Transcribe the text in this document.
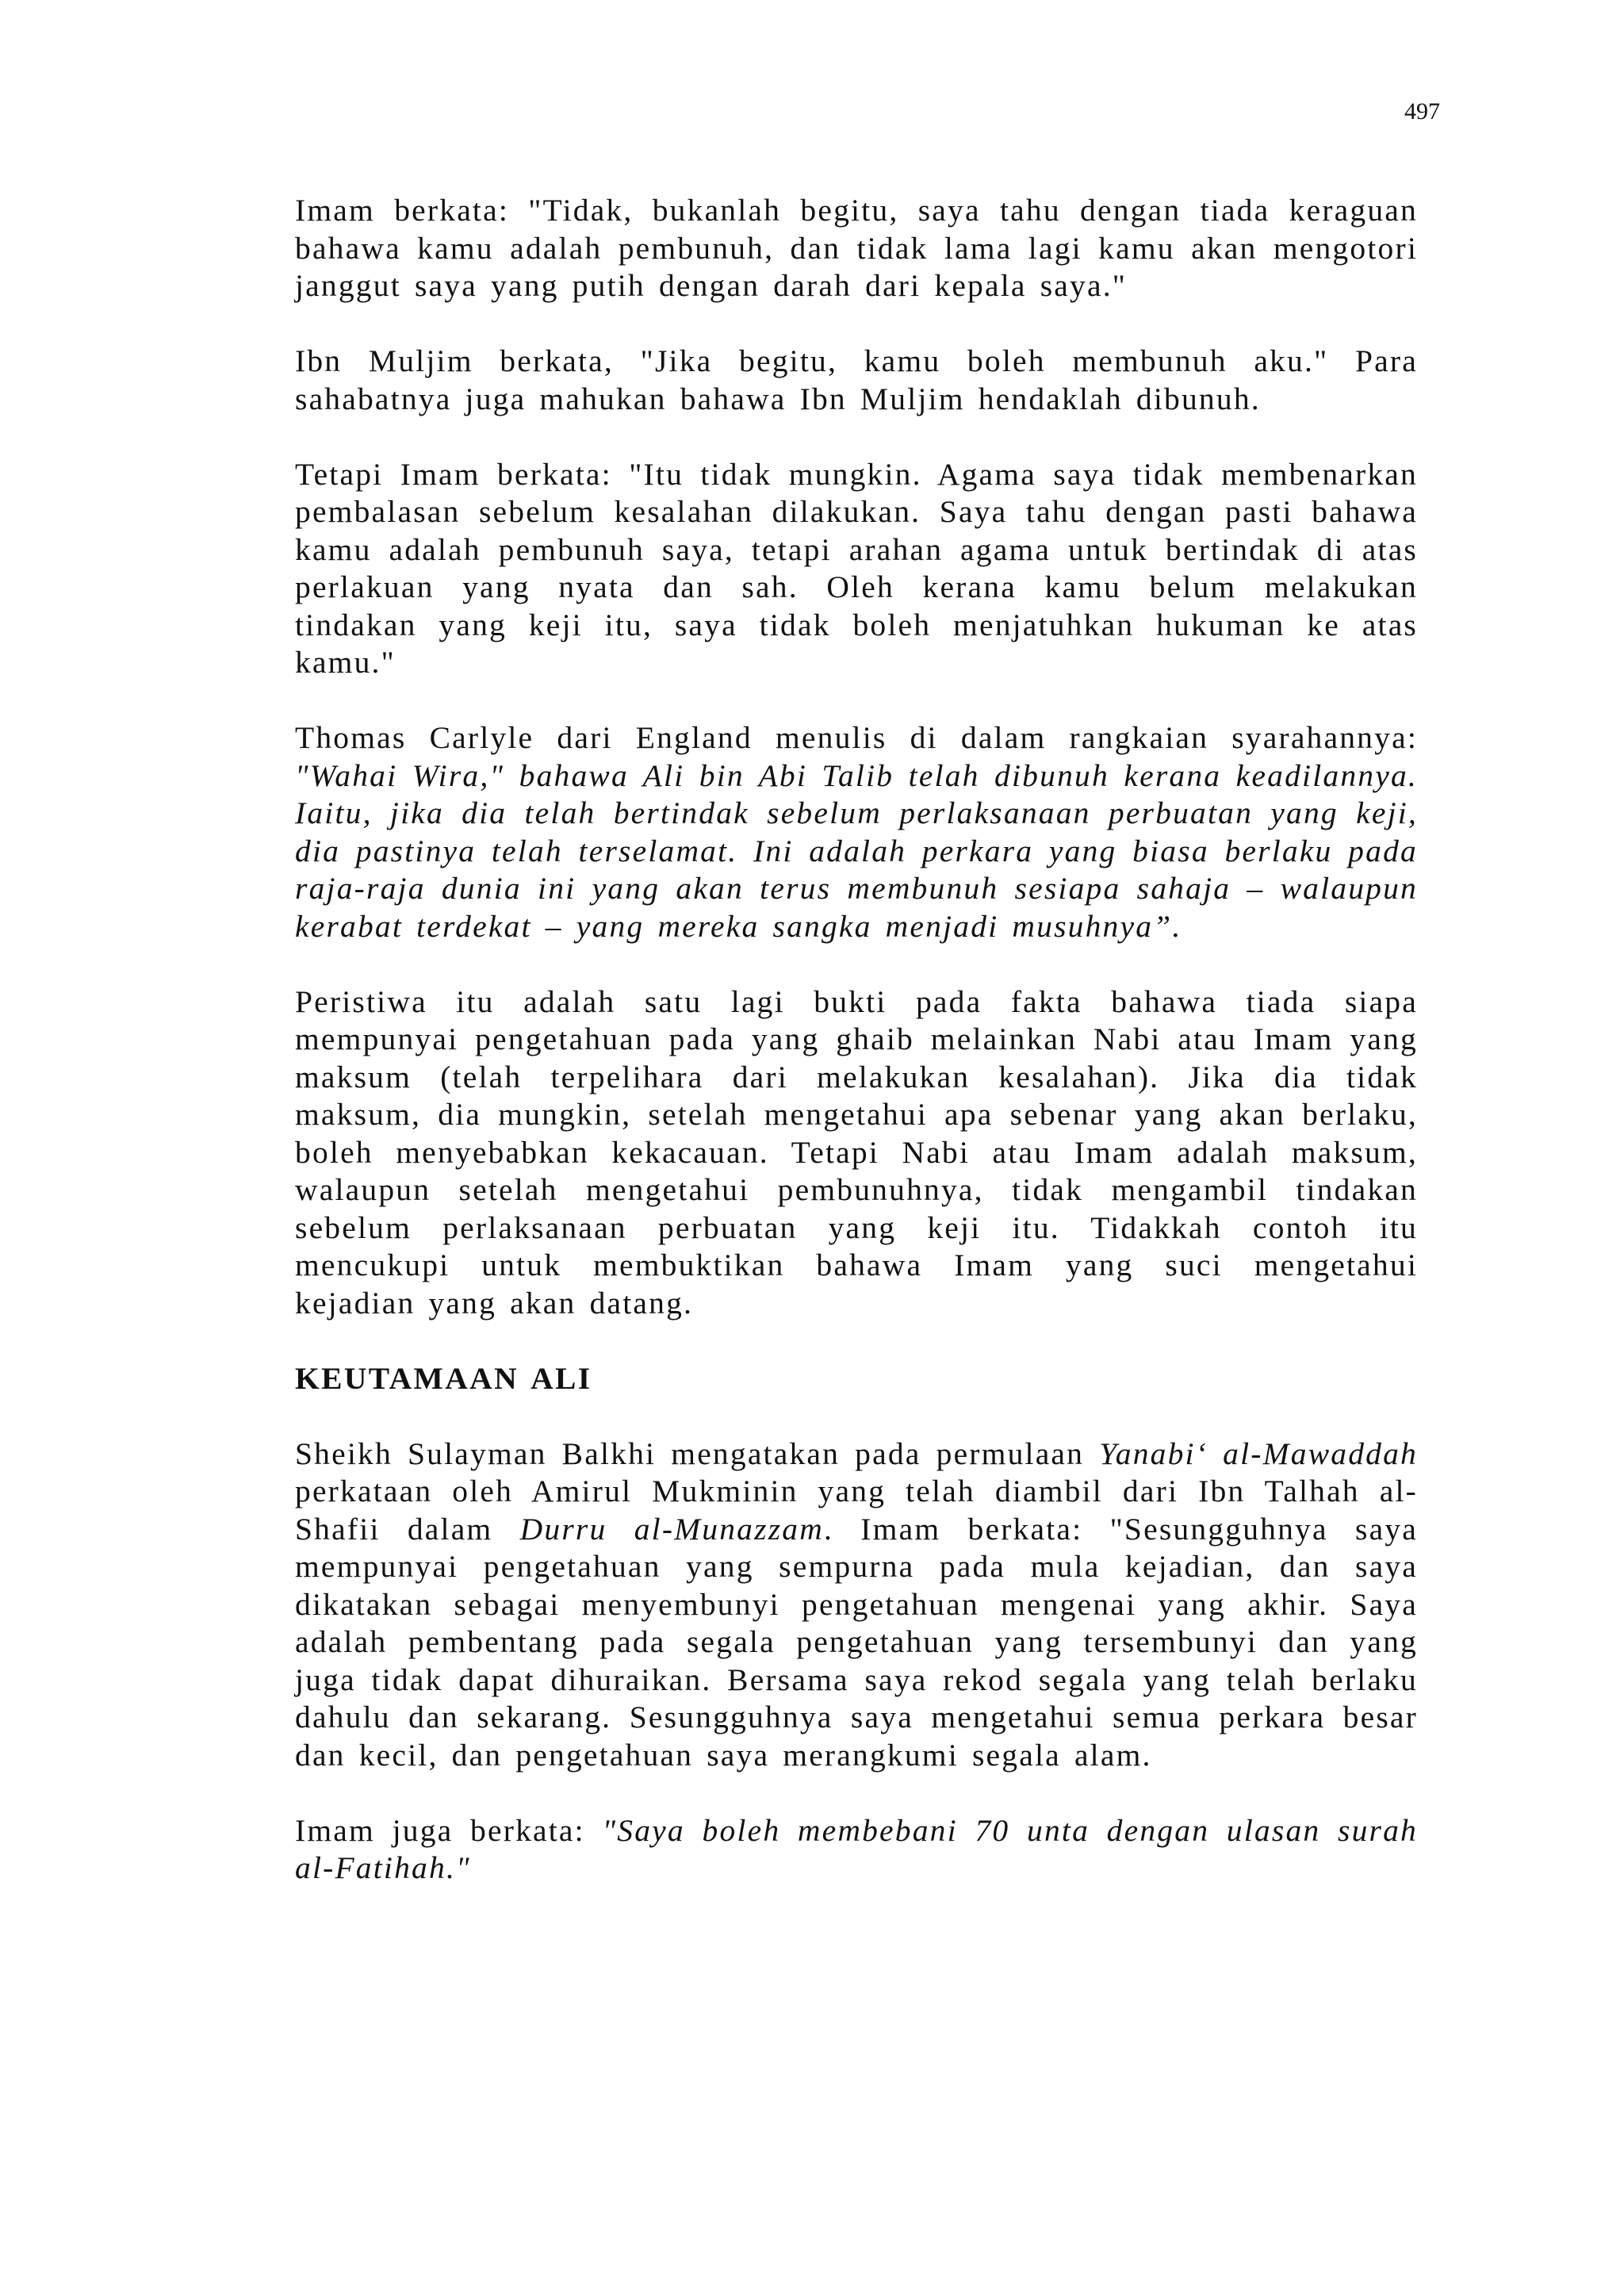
497

Imam berkata: "Tidak, bukanlah begitu, saya tahu dengan tiada keraguan bahawa kamu adalah pembunuh, dan tidak lama lagi kamu akan mengotori janggut saya yang putih dengan darah dari kepala saya."

Ibn Muljim berkata, "Jika begitu, kamu boleh membunuh aku." Para sahabatnya juga mahukan bahawa Ibn Muljim hendaklah dibunuh.

Tetapi Imam berkata: "Itu tidak mungkin. Agama saya tidak membenarkan pembalasan sebelum kesalahan dilakukan. Saya tahu dengan pasti bahawa kamu adalah pembunuh saya, tetapi arahan agama untuk bertindak di atas perlakuan yang nyata dan sah. Oleh kerana kamu belum melakukan tindakan yang keji itu, saya tidak boleh menjatuhkan hukuman ke atas kamu."

Thomas Carlyle dari England menulis di dalam rangkaian syarahannya: "Wahai Wira," bahawa Ali bin Abi Talib telah dibunuh kerana keadilannya. Iaitu, jika dia telah bertindak sebelum perlaksanaan perbuatan yang keji, dia pastinya telah terselamat. Ini adalah perkara yang biasa berlaku pada raja-raja dunia ini yang akan terus membunuh sesiapa sahaja – walaupun kerabat terdekat – yang mereka sangka menjadi musuhnya”.

Peristiwa itu adalah satu lagi bukti pada fakta bahawa tiada siapa mempunyai pengetahuan pada yang ghaib melainkan Nabi atau Imam yang maksum (telah terpelihara dari melakukan kesalahan). Jika dia tidak maksum, dia mungkin, setelah mengetahui apa sebenar yang akan berlaku, boleh menyebabkan kekacauan. Tetapi Nabi atau Imam adalah maksum, walaupun setelah mengetahui pembunuhnya, tidak mengambil tindakan sebelum perlaksanaan perbuatan yang keji itu. Tidakkah contoh itu mencukupi untuk membuktikan bahawa Imam yang suci mengetahui kejadian yang akan datang.

KEUTAMAAN ALI

Sheikh Sulayman Balkhi mengatakan pada permulaan Yanabi‘ al-Mawaddah perkataan oleh Amirul Mukminin yang telah diambil dari Ibn Talhah al-Shafii dalam Durru al-Munazzam. Imam berkata: "Sesungguhnya saya mempunyai pengetahuan yang sempurna pada mula kejadian, dan saya dikatakan sebagai menyembunyi pengetahuan mengenai yang akhir. Saya adalah pembentang pada segala pengetahuan yang tersembunyi dan yang juga tidak dapat dihuraikan. Bersama saya rekod segala yang telah berlaku dahulu dan sekarang. Sesungguhnya saya mengetahui semua perkara besar dan kecil, dan pengetahuan saya merangkumi segala alam.

Imam juga berkata: "Saya boleh membebani 70 unta dengan ulasan surah al-Fatihah."
